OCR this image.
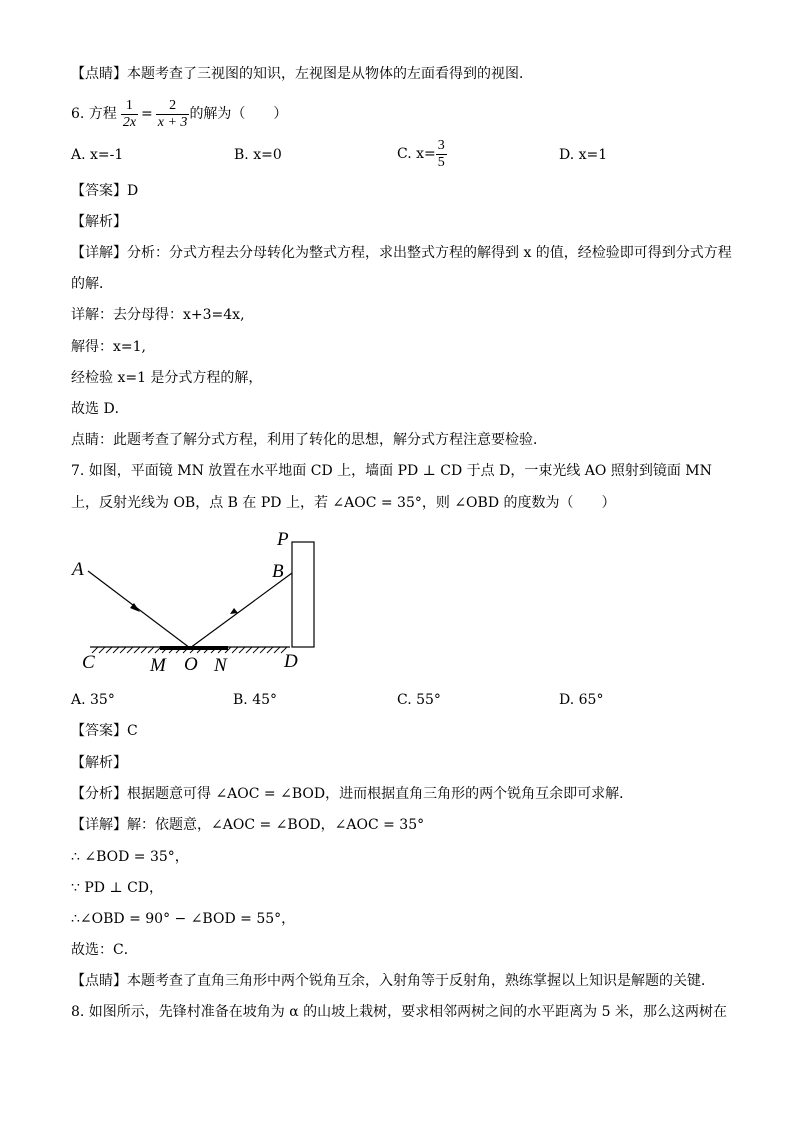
【点睛】本题考查了三视图的知识，左视图是从物体的左面看得到的视图．
6. 方程 $\frac{1}{2x} = \frac{2}{x + 3}$ 的解为（　　）
A. x=-1	B. x=0	C. $x= \frac{3}{5}$	D. x=1
【答案】D
【解析】
【详解】分析：分式方程去分母转化为整式方程，求出整式方程的解得到 x 的值，经检验即可得到分式方程
的解．
详解：去分母得：x+3=4x,
解得：x=1,
经检验 x=1 是分式方程的解，
故选 D．
点睛：此题考查了解分式方程，利用了转化的思想，解分式方程注意要检验．
7. 如图，平面镜 MN 放置在水平地面 CD 上，墙面 PD ⊥ CD 于点 D，一束光线 AO 照射到镜面 MN
上，反射光线为 OB，点 B 在 PD 上，若 ∠AOC = 35°，则 ∠OBD 的度数为（　　）
A	B
P
C	M O N	D
A. 35°	B. 45°	C. 55°	D. 65°
【答案】C
【解析】
【分析】根据题意可得 ∠AOC = ∠BOD，进而根据直角三角形的两个锐角互余即可求解．
【详解】解：依题意，∠AOC = ∠BOD，∠AOC = 35°
∴ ∠BOD = 35°，
∵ PD ⊥ CD，
∴∠OBD = 90° − ∠BOD = 55°，
故选：C．
【点睛】本题考查了直角三角形中两个锐角互余，入射角等于反射角，熟练掌握以上知识是解题的关键．
8. 如图所示，先锋村准备在坡角为 α 的山坡上栽树，要求相邻两树之间的水平距离为 5 米，那么这两树在
